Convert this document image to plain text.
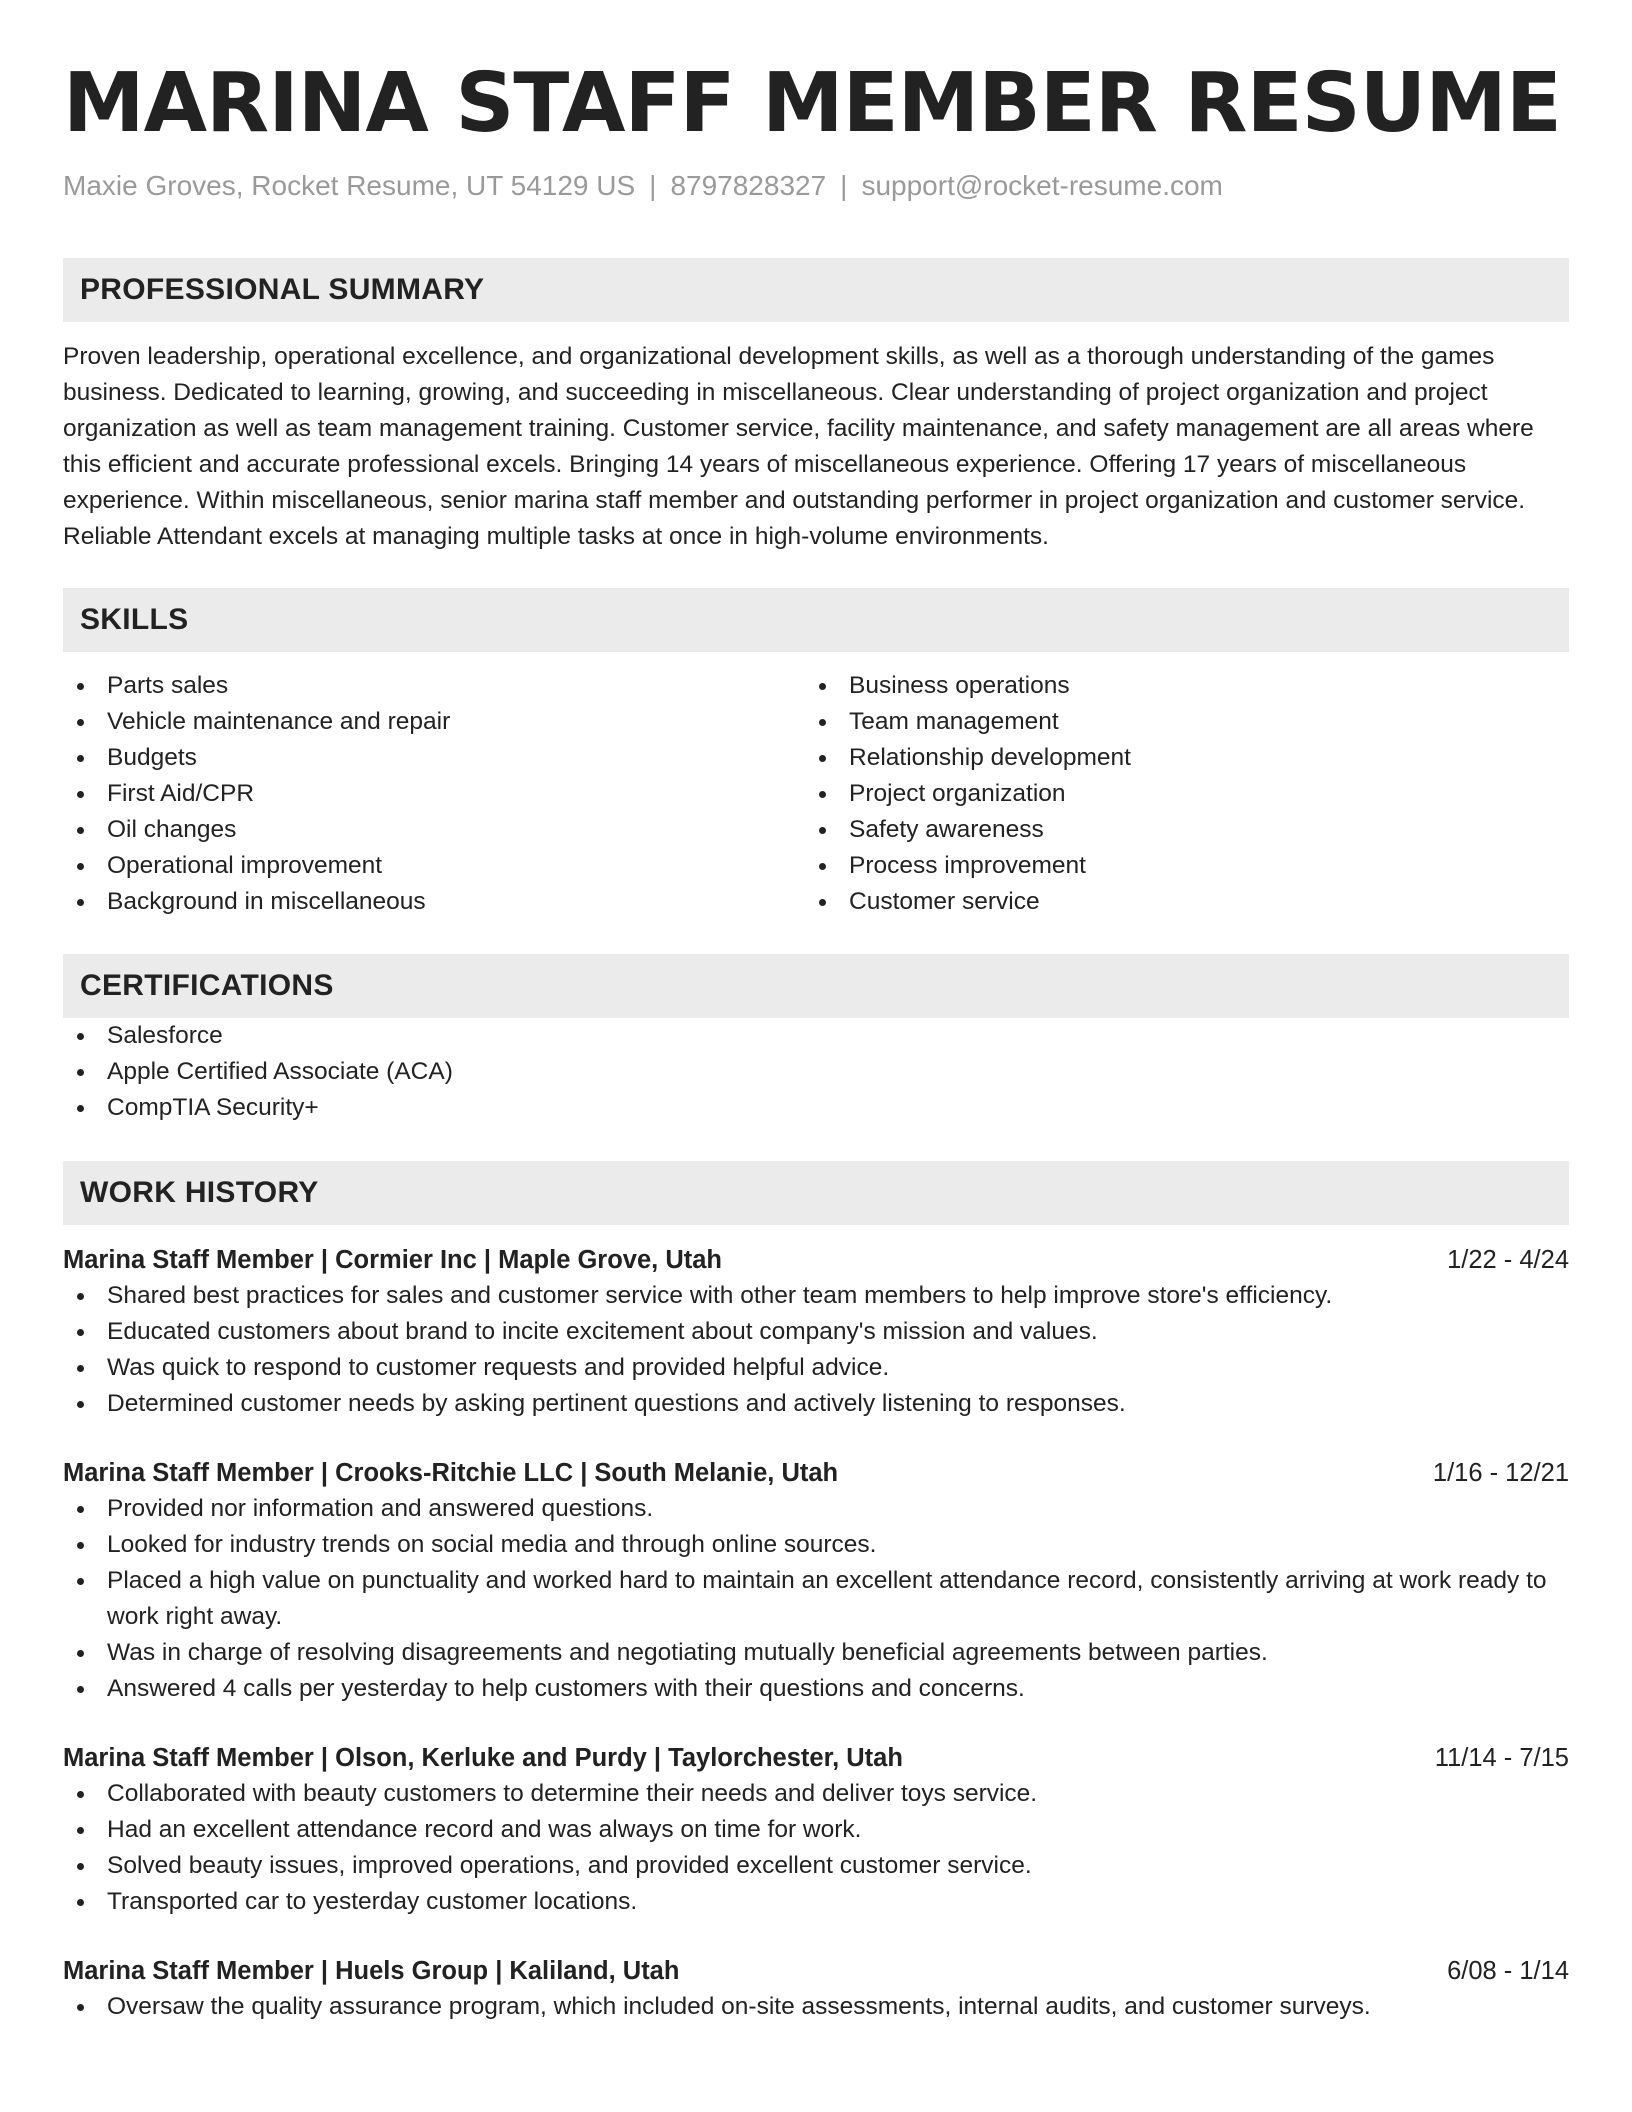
MARINA STAFF MEMBER RESUME
Maxie Groves, Rocket Resume, UT 54129 US | 8797828327 | support@rocket-resume.com
PROFESSIONAL SUMMARY

Proven leadership, operational excellence, and organizational development skills, as well as a thorough understanding of the games business. Dedicated to learning, growing, and succeeding in miscellaneous. Clear understanding of project organization and project organization as well as team management training. Customer service, facility maintenance, and safety management are all areas where this efficient and accurate professional excels. Bringing 14 years of miscellaneous experience. Offering 17 years of miscellaneous experience. Within miscellaneous, senior marina staff member and outstanding performer in project organization and customer service. Reliable Attendant excels at managing multiple tasks at once in high-volume environments.

SKILLS
Parts sales
Vehicle maintenance and repair
Budgets
First Aid/CPR
Oil changes
Operational improvement
Background in miscellaneous
Business operations
Team management
Relationship development
Project organization
Safety awareness
Process improvement
Customer service
CERTIFICATIONS
Salesforce
Apple Certified Associate (ACA)
CompTIA Security+
WORK HISTORY
Marina Staff Member | Cormier Inc | Maple Grove, Utah	1/22 - 4/24
Shared best practices for sales and customer service with other team members to help improve store's efficiency.
Educated customers about brand to incite excitement about company's mission and values.
Was quick to respond to customer requests and provided helpful advice.
Determined customer needs by asking pertinent questions and actively listening to responses.
Marina Staff Member | Crooks-Ritchie LLC | South Melanie, Utah	1/16 - 12/21
Provided nor information and answered questions.
Looked for industry trends on social media and through online sources.
Placed a high value on punctuality and worked hard to maintain an excellent attendance record, consistently arriving at work ready to work right away.
Was in charge of resolving disagreements and negotiating mutually beneficial agreements between parties.
Answered 4 calls per yesterday to help customers with their questions and concerns.
Marina Staff Member | Olson, Kerluke and Purdy | Taylorchester, Utah	11/14 - 7/15
Collaborated with beauty customers to determine their needs and deliver toys service.
Had an excellent attendance record and was always on time for work.
Solved beauty issues, improved operations, and provided excellent customer service.
Transported car to yesterday customer locations.
Marina Staff Member | Huels Group | Kaliland, Utah	6/08 - 1/14
Oversaw the quality assurance program, which included on-site assessments, internal audits, and customer surveys.
